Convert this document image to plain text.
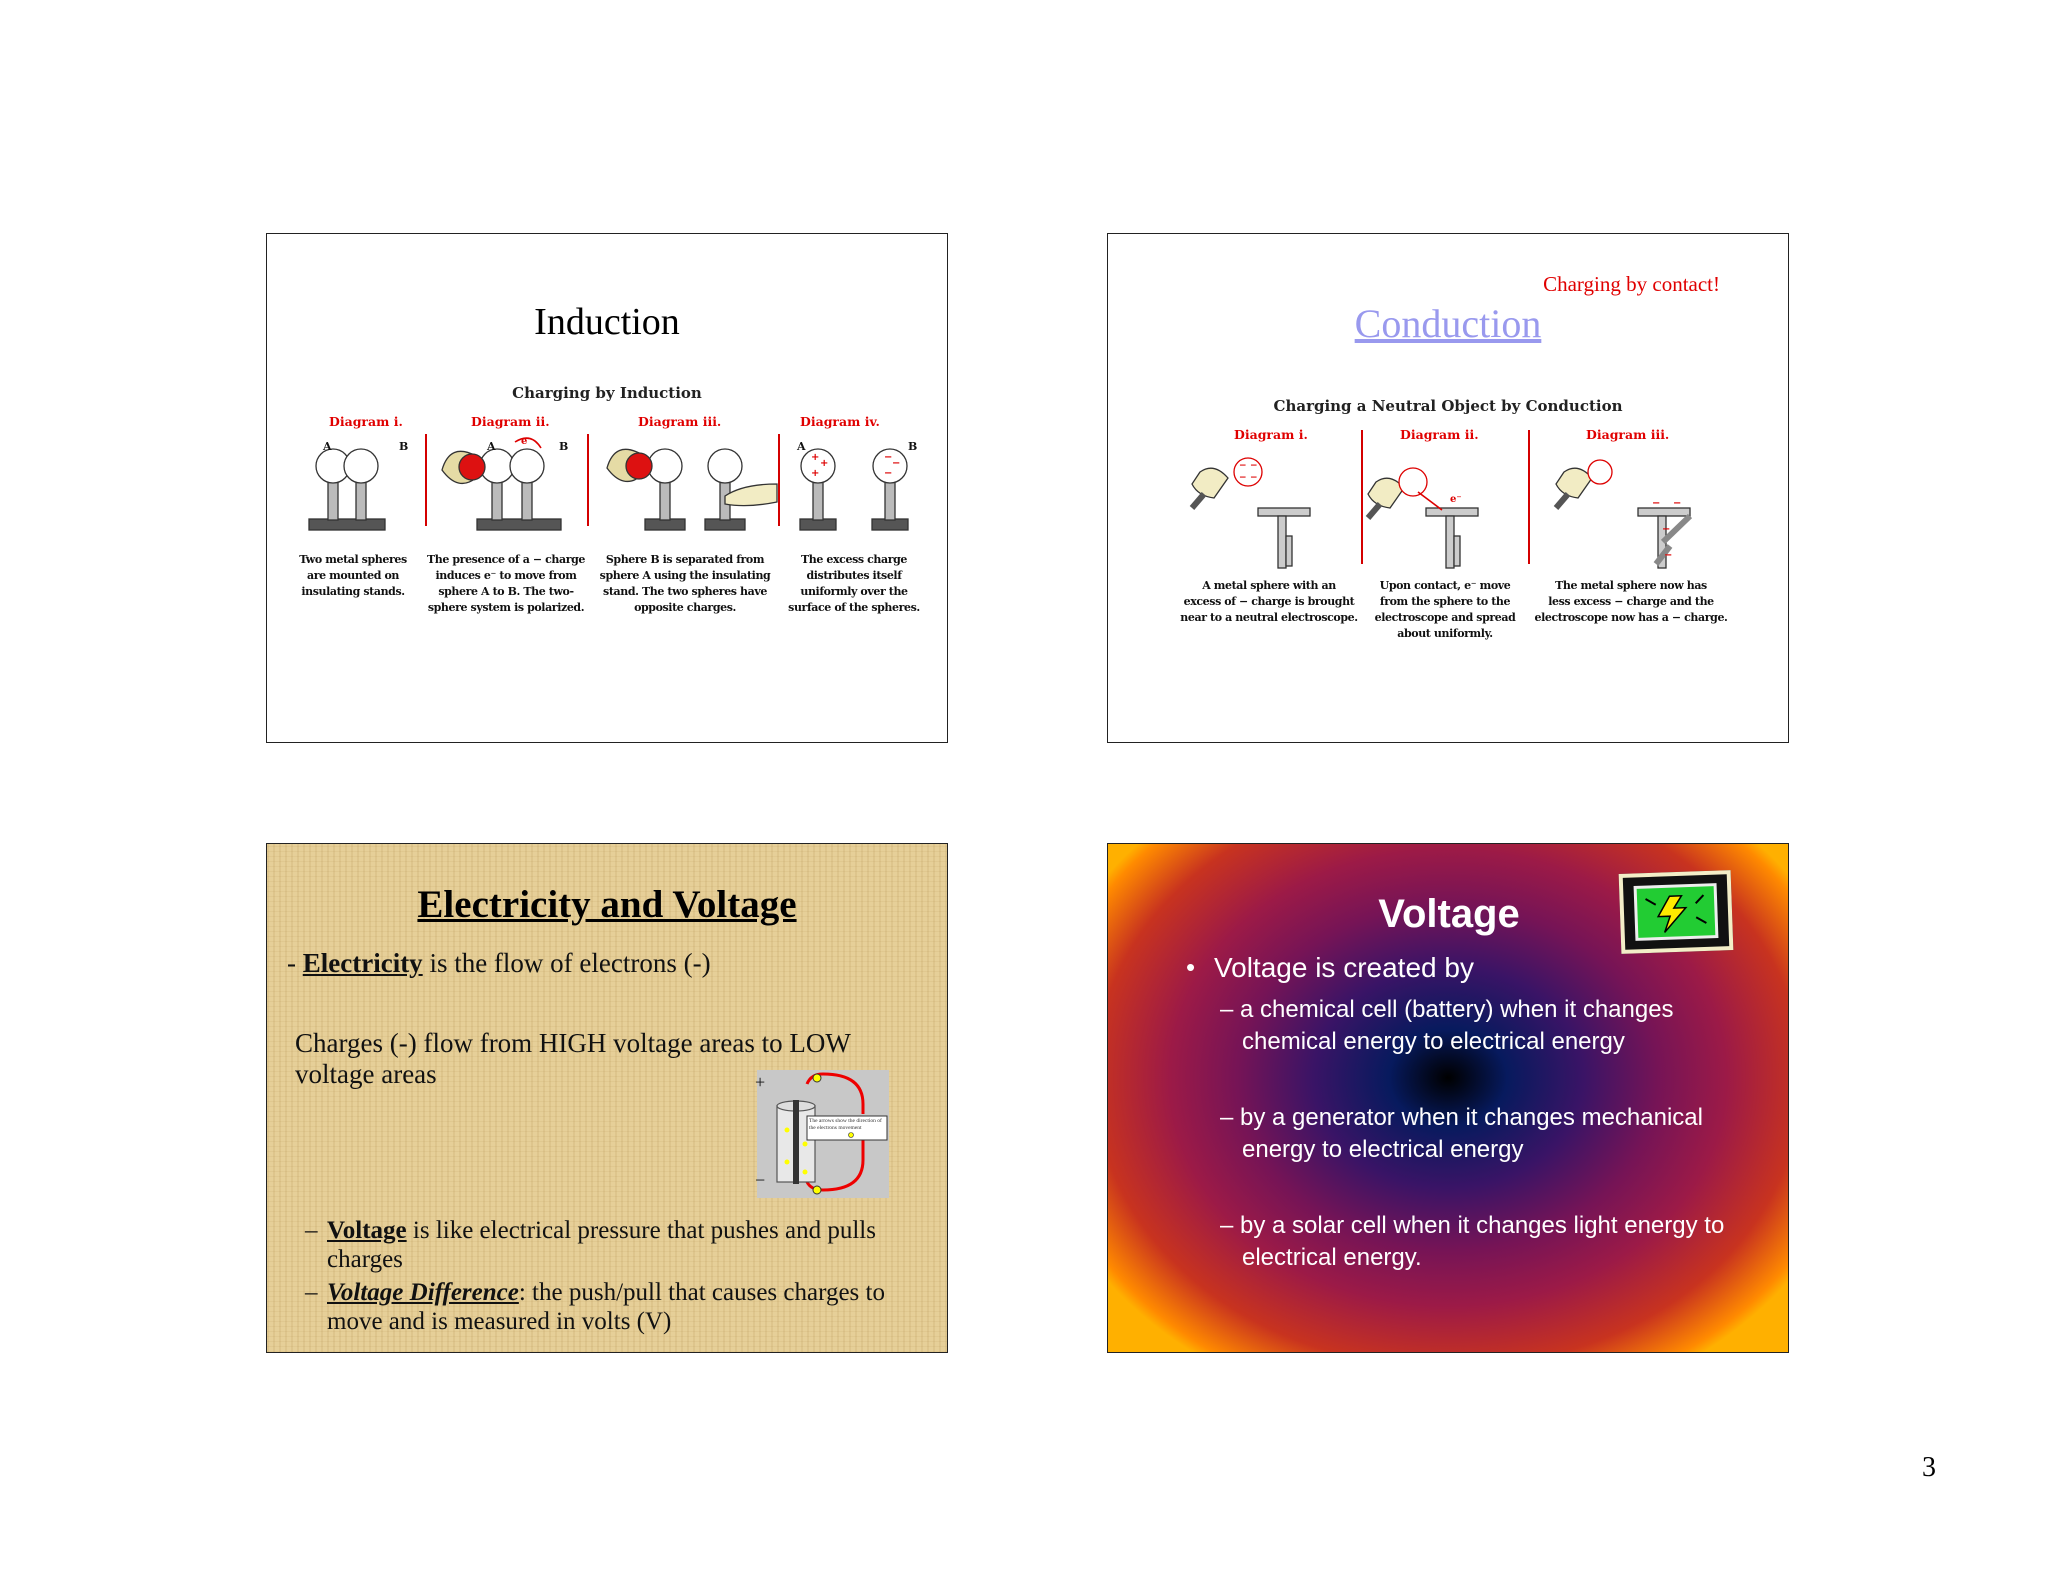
Induction
Charging by Induction
Diagram i.	Diagram ii.	Diagram iii.	Diagram iv.
A	B	A	B
e⁻
+
+
+
−
−
−
A	B
Two metal spheres
are mounted on
insulating stands.
The presence of a − charge
induces e⁻ to move from
sphere A to B. The two-
sphere system is polarized.
Sphere B is separated from
sphere A using the insulating
stand. The two spheres have
opposite charges.
The excess charge
distributes itself
uniformly over the
surface of the spheres.
Charging by contact!
Conduction
Charging a Neutral Object by Conduction
Diagram i.	Diagram ii.	Diagram iii.
− −
− −
e⁻	− −
−
−
A metal sphere with an
excess of − charge is brought
near to a neutral electroscope.
Upon contact, e⁻ move
from the sphere to the
electroscope and spread
about uniformly.
The metal sphere now has
less excess − charge and the
electroscope now has a − charge.
Electricity and Voltage
- Electricity is the flow of electrons (-)
Charges (-) flow from HIGH voltage areas to LOW voltage areas
The arrows show the direction of the electrons movement
+
−
– Voltage is like electrical pressure that pushes and pulls charges
– Voltage Difference: the push/pull that causes charges to move and is measured in volts (V)
Voltage
• Voltage is created by
– a chemical cell (battery) when it changes chemical energy to electrical energy
– by a generator when it changes mechanical energy to electrical energy
– by a solar cell when it changes light energy to electrical energy.
3
